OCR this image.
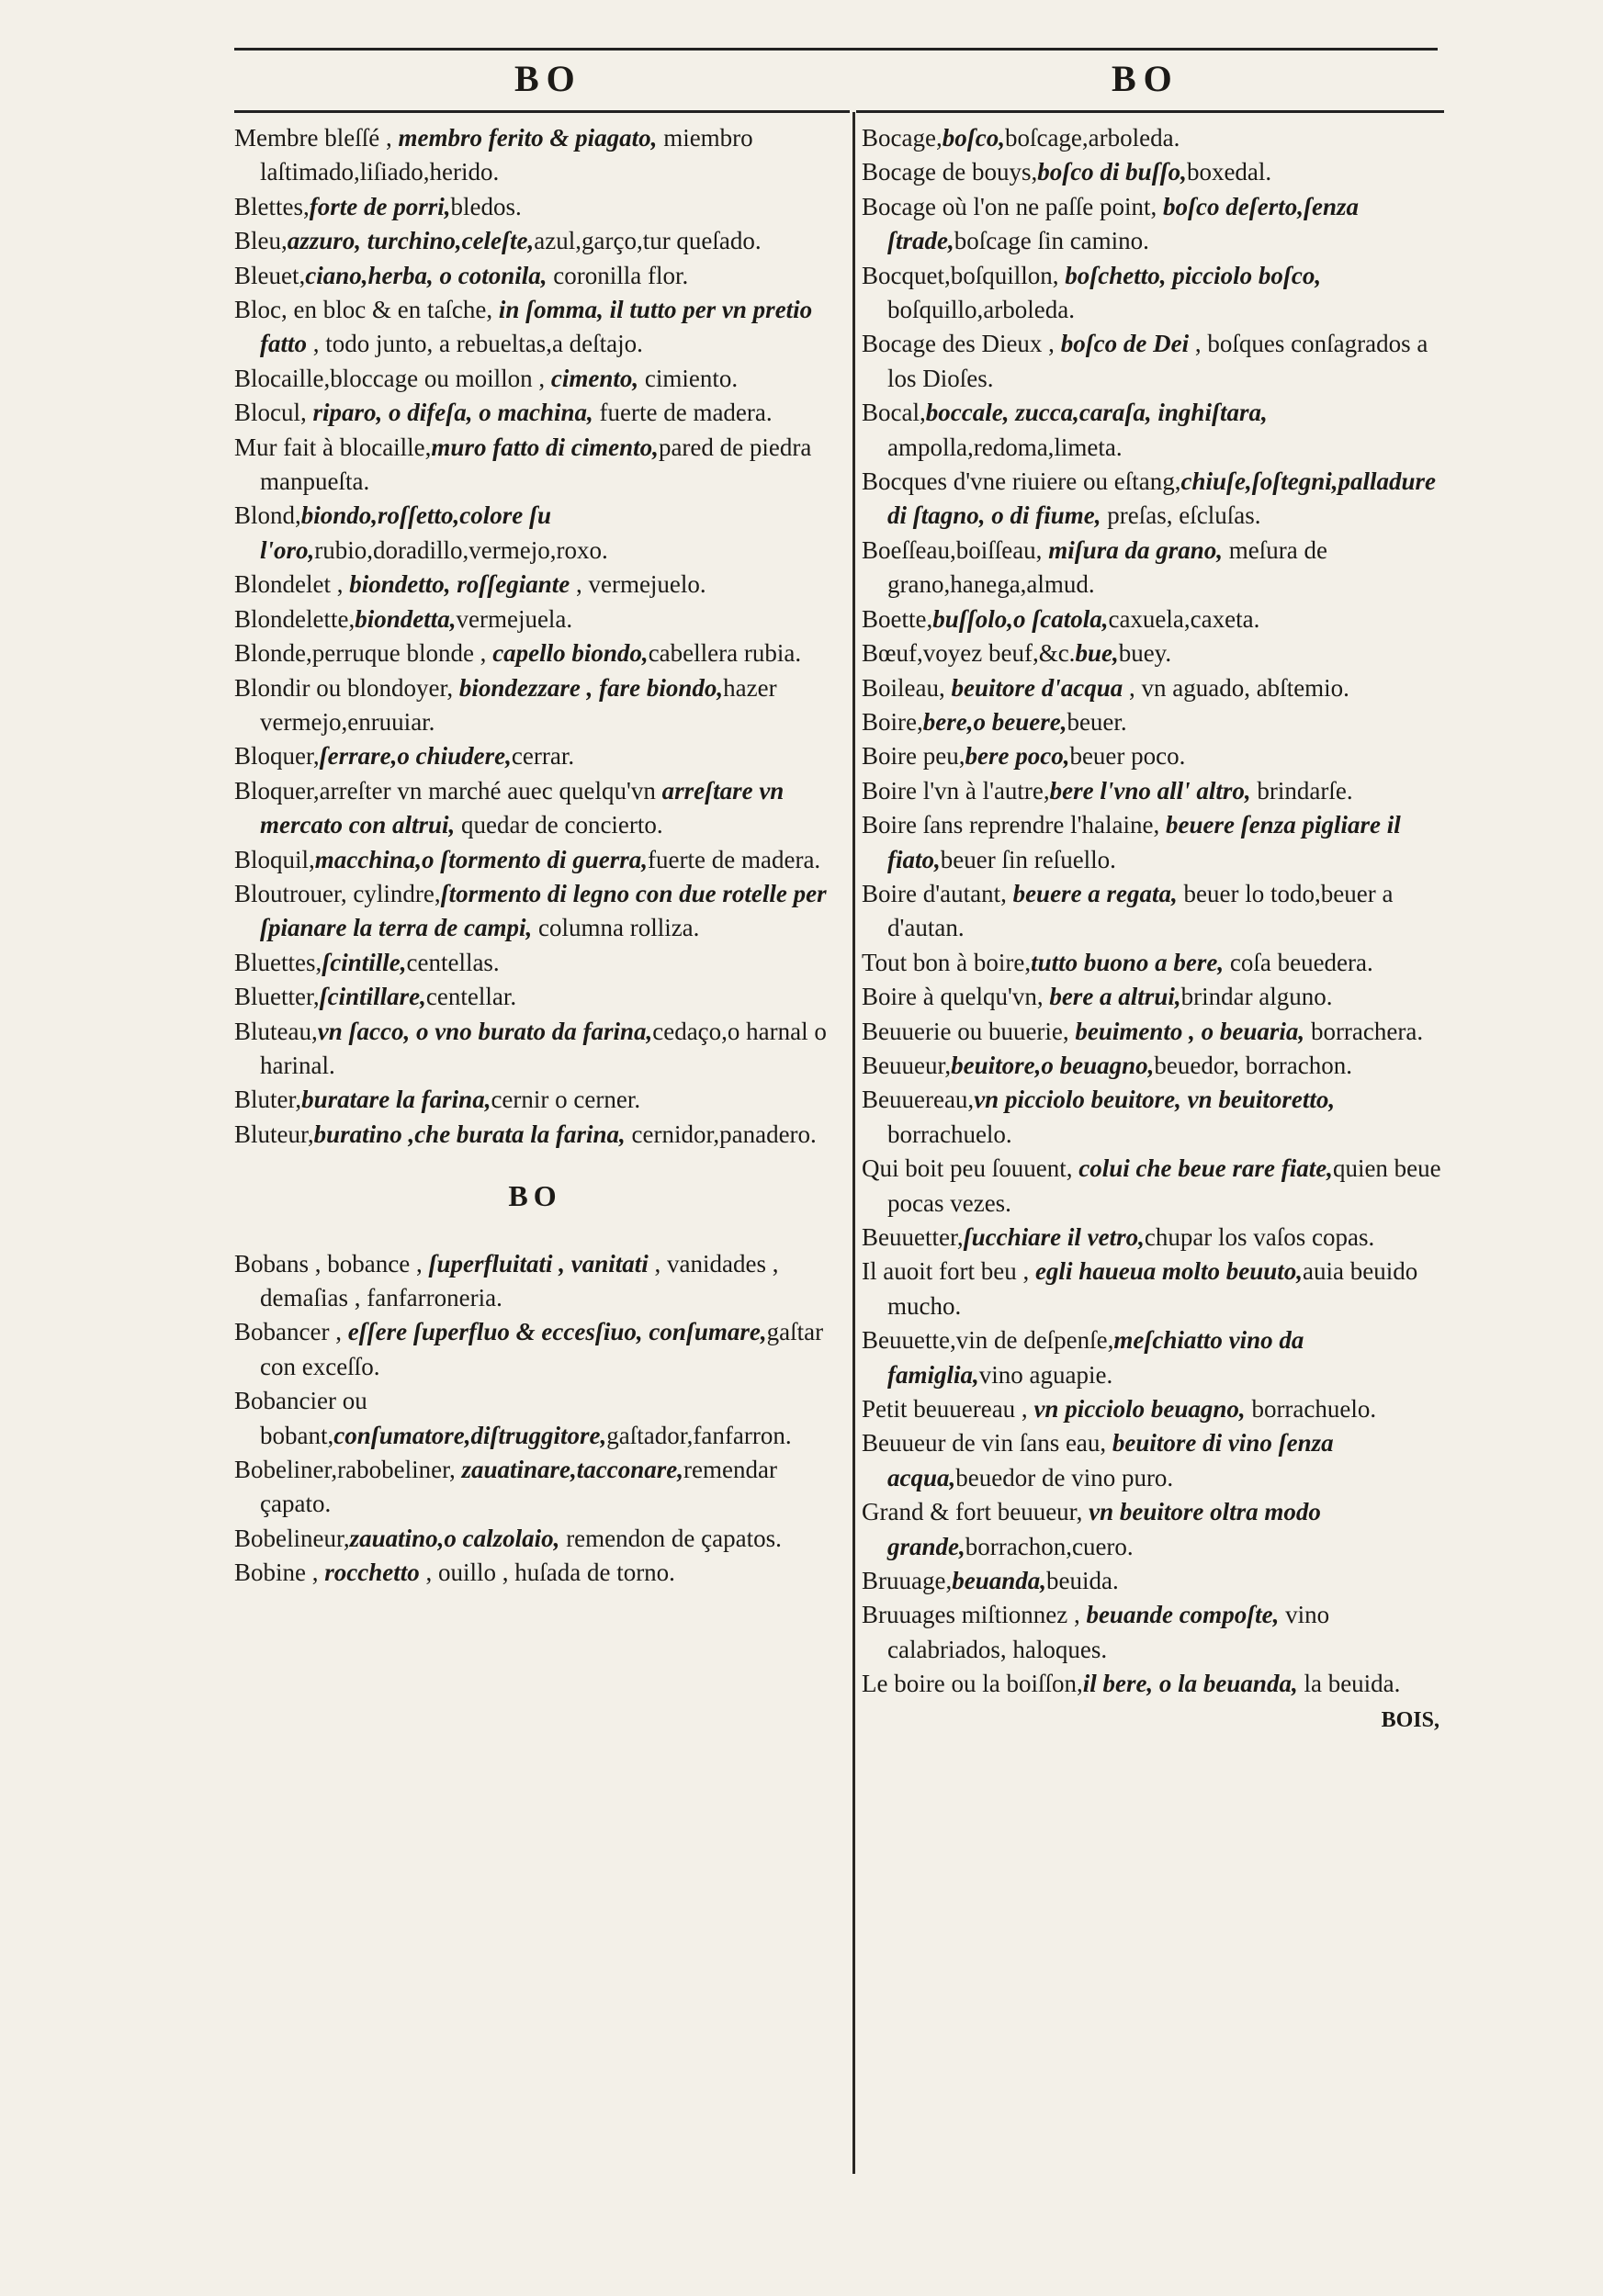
BO	BO

Membre bleſſé , membro ferito & piagato, miembro laſtimado,liſiado,herido.

Blettes,forte de porri,bledos.

Bleu,azzuro, turchino,celeſte,azul,garço,tur queſado.

Bleuet,ciano,herba, o cotonila, coronilla flor.

Bloc, en bloc & en taſche, in ſomma, il tutto per vn pretio fatto , todo junto, a rebueltas,a deſtajo.

Blocaille,bloccage ou moillon , cimento, cimiento.

Blocul, riparo, o difeſa, o machina, fuerte de madera.

Mur fait à blocaille,muro fatto di cimento,pared de piedra manpueſta.

Blond,biondo,roſſetto,colore ſu l'oro,rubio,doradillo,vermejo,roxo.

Blondelet , biondetto, roſſegiante , vermejuelo.

Blondelette,biondetta,vermejuela.

Blonde,perruque blonde , capello biondo,cabellera rubia.

Blondir ou blondoyer, biondezzare , fare biondo,hazer vermejo,enruuiar.

Bloquer,ſerrare,o chiudere,cerrar.

Bloquer,arreſter vn marché auec quelqu'vn arreſtare vn mercato con altrui, quedar de concierto.

Bloquil,macchina,o ſtormento di guerra,fuerte de madera.

Bloutrouer, cylindre,ſtormento di legno con due rotelle per ſpianare la terra de campi, columna rolliza.

Bluettes,ſcintille,centellas.

Bluetter,ſcintillare,centellar.

Bluteau,vn ſacco, o vno burato da farina,cedaço,o harnal o harinal.

Bluter,buratare la farina,cernir o cerner.

Bluteur,buratino ,che burata la farina, cernidor,panadero.

BO

Bobans , bobance , ſuperfluitati , vanitati , vanidades , demaſias , fanfarroneria.

Bobancer , eſſere ſuperfluo & eccesſiuo, conſumare,gaſtar con exceſſo.

Bobancier ou bobant,conſumatore,diſtruggitore,gaſtador,fanfarron.

Bobeliner,rabobeliner, zauatinare,tacconare,remendar çapato.

Bobelineur,zauatino,o calzolaio, remendon de çapatos.

Bobine , rocchetto , ouillo , huſada de torno.

Bocage,boſco,boſcage,arboleda.

Bocage de bouys,boſco di buſſo,boxedal.

Bocage où l'on ne paſſe point, boſco deſerto,ſenza ſtrade,boſcage ſin camino.

Bocquet,boſquillon, boſchetto, picciolo boſco, boſquillo,arboleda.

Bocage des Dieux , boſco de Dei , boſques conſagrados a los Dioſes.

Bocal,boccale, zucca,caraſa, inghiſtara, ampolla,redoma,limeta.

Bocques d'vne riuiere ou eſtang,chiuſe,ſoſtegni,palladure di ſtagno, o di fiume, preſas, eſcluſas.

Boeſſeau,boiſſeau, miſura da grano, meſura de grano,hanega,almud.

Boette,buſſolo,o ſcatola,caxuela,caxeta.

Bœuf,voyez beuf,&c.bue,buey.

Boileau, beuitore d'acqua , vn aguado, abſtemio.

Boire,bere,o beuere,beuer.

Boire peu,bere poco,beuer poco.

Boire l'vn à l'autre,bere l'vno all' altro, brindarſe.

Boire ſans reprendre l'halaine, beuere ſenza pigliare il fiato,beuer ſin reſuello.

Boire d'autant, beuere a regata, beuer lo todo,beuer a d'autan.

Tout bon à boire,tutto buono a bere, coſa beuedera.

Boire à quelqu'vn, bere a altrui,brindar alguno.

Beuuerie ou buuerie, beuimento , o beuaria, borrachera.

Beuueur,beuitore,o beuagno,beuedor, borrachon.

Beuuereau,vn picciolo beuitore, vn beuitoretto, borrachuelo.

Qui boit peu ſouuent, colui che beue rare fiate,quien beue pocas vezes.

Beuuetter,ſucchiare il vetro,chupar los vaſos copas.

Il auoit fort beu , egli haueua molto beuuto,auia beuido mucho.

Beuuette,vin de deſpenſe,meſchiatto vino da famiglia,vino aguapie.

Petit beuuereau , vn picciolo beuagno, borrachuelo.

Beuueur de vin ſans eau, beuitore di vino ſenza acqua,beuedor de vino puro.

Grand & fort beuueur, vn beuitore oltra modo grande,borrachon,cuero.

Bruuage,beuanda,beuida.

Bruuages miſtionnez , beuande compoſte, vino calabriados, haloques.

Le boire ou la boiſſon,il bere, o la beuanda, la beuida.

BOIS,
